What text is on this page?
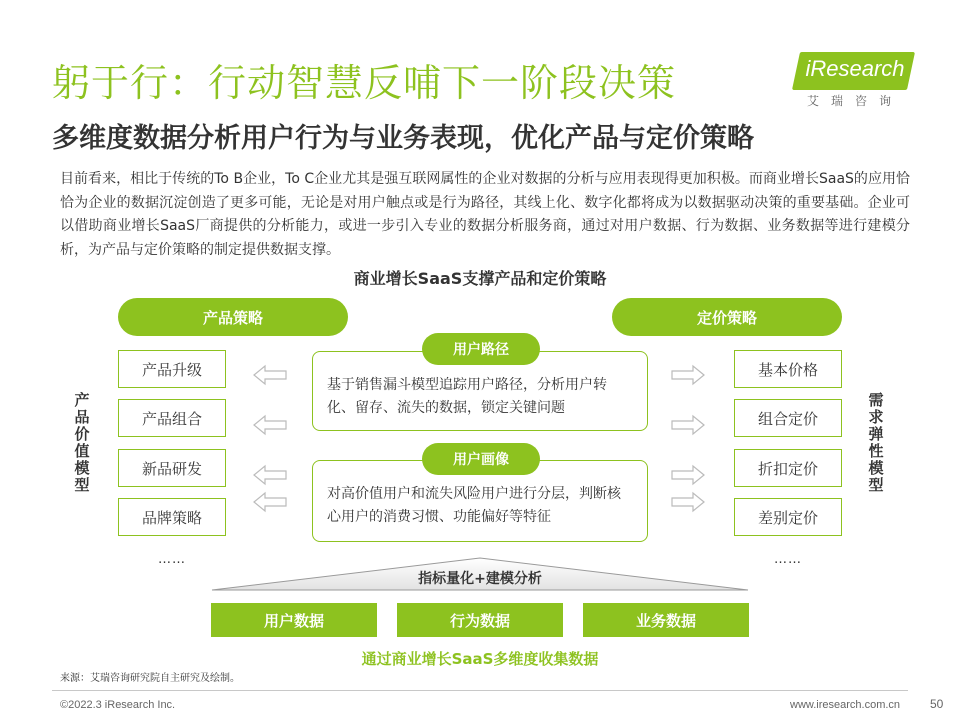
躬于行：行动智慧反哺下一阶段决策
多维度数据分析用户行为与业务表现，优化产品与定价策略
iResearch
艾瑞咨询
目前看来，相比于传统的To B企业，To C企业尤其是强互联网属性的企业对数据的分析与应用表现得更加积极。而商业增长SaaS的应用恰恰为企业的数据沉淀创造了更多可能，无论是对用户触点或是行为路径，其线上化、数字化都将成为以数据驱动决策的重要基础。企业可以借助商业增长SaaS厂商提供的分析能力，或进一步引入专业的数据分析服务商，通过对用户数据、行为数据、业务数据等进行建模分析，为产品与定价策略的制定提供数据支撑。
商业增长SaaS支撑产品和定价策略
产品策略	定价策略
产品价值模型
需求弹性模型
产品升级
产品组合
新品研发
品牌策略
……
基本价格
组合定价
折扣定价
差别定价
……
基于销售漏斗模型追踪用户路径，分析用户转化、留存、流失的数据，锁定关键问题
用户路径
对高价值用户和流失风险用户进行分层，判断核心用户的消费习惯、功能偏好等特征
用户画像
指标量化+建模分析
用户数据	行为数据	业务数据
通过商业增长SaaS多维度收集数据
来源：艾瑞咨询研究院自主研究及绘制。
©2022.3 iResearch Inc.	www.iresearch.com.cn 50
